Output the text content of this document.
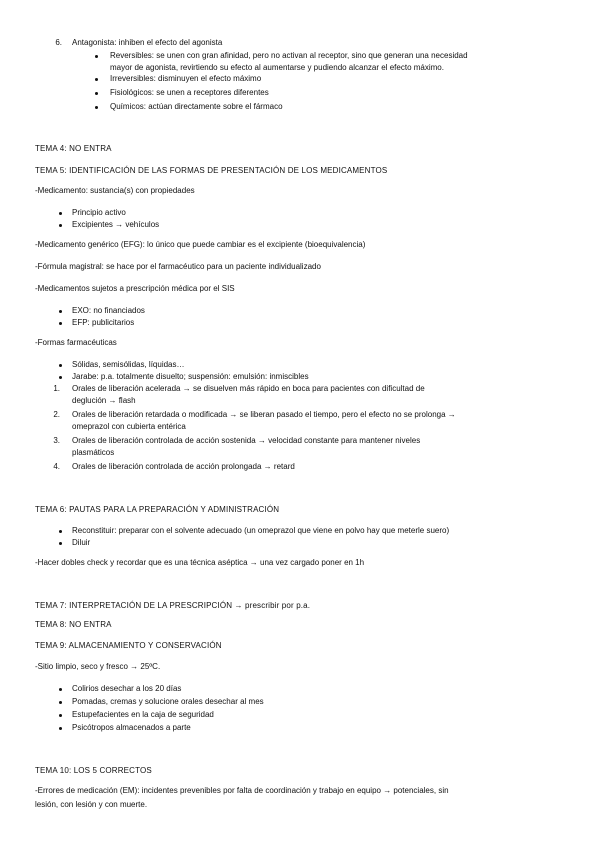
6. Antagonista: inhiben el efecto del agonista
Reversibles: se unen con gran afinidad, pero no activan al receptor, sino que generan una necesidad
mayor de agonista, revirtiendo su efecto al aumentarse y pudiendo alcanzar el efecto máximo.
Irreversibles: disminuyen el efecto máximo
Fisiológicos: se unen a receptores diferentes
Químicos: actúan directamente sobre el fármaco
TEMA 4: NO ENTRA
TEMA 5: IDENTIFICACIÓN DE LAS FORMAS DE PRESENTACIÓN DE LOS MEDICAMENTOS
-Medicamento: sustancia(s) con propiedades
Principio activo
Excipientes → vehículos
-Medicamento genérico (EFG): lo único que puede cambiar es el excipiente (bioequivalencia)
-Fórmula magistral: se hace por el farmacéutico para un paciente individualizado
-Medicamentos sujetos a prescripción médica por el SIS
EXO: no financiados
EFP: publicitarios
-Formas farmacéuticas
Sólidas, semisólidas, líquidas…
Jarabe: p.a. totalmente disuelto; suspensión: emulsión: inmiscibles
1. Orales de liberación acelerada → se disuelven más rápido en boca para pacientes con dificultad de
deglución → flash
2. Orales de liberación retardada o modificada → se liberan pasado el tiempo, pero el efecto no se prolonga →
omeprazol con cubierta entérica
3. Orales de liberación controlada de acción sostenida → velocidad constante para mantener niveles
plasmáticos
4. Orales de liberación controlada de acción prolongada → retard
TEMA 6: PAUTAS PARA LA PREPARACIÓN Y ADMINISTRACIÓN
Reconstituir: preparar con el solvente adecuado (un omeprazol que viene en polvo hay que meterle suero)
Diluir
-Hacer dobles check y recordar que es una técnica aséptica → una vez cargado poner en 1h
TEMA 7: INTERPRETACIÓN DE LA PRESCRIPCIÓN → prescribir por p.a.
TEMA 8: NO ENTRA
TEMA 9: ALMACENAMIENTO Y CONSERVACIÓN
-Sitio limpio, seco y fresco → 25ºC.
Colirios desechar a los 20 días
Pomadas, cremas y solucione orales desechar al mes
Estupefacientes en la caja de seguridad
Psicótropos almacenados a parte
TEMA 10: LOS 5 CORRECTOS
-Errores de medicación (EM): incidentes prevenibles por falta de coordinación y trabajo en equipo → potenciales, sin
lesión, con lesión y con muerte.
